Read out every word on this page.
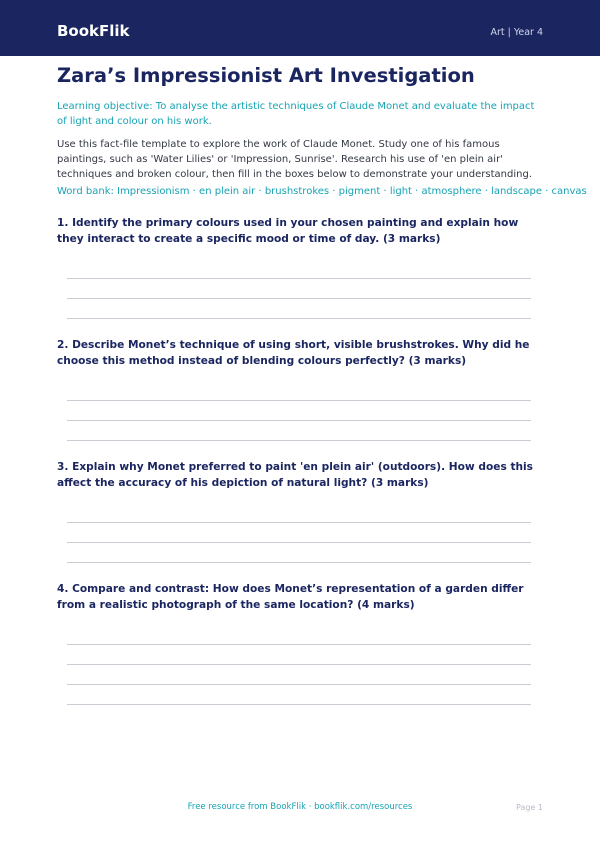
BookFlik	Art | Year 4
Zara’s Impressionist Art Investigation
Learning objective: To analyse the artistic techniques of Claude Monet and evaluate the impact of light and colour on his work.
Use this fact-file template to explore the work of Claude Monet. Study one of his famous paintings, such as 'Water Lilies' or 'Impression, Sunrise'. Research his use of 'en plein air' techniques and broken colour, then fill in the boxes below to demonstrate your understanding.
Word bank: Impressionism · en plein air · brushstrokes · pigment · light · atmosphere · landscape · canvas
1. Identify the primary colours used in your chosen painting and explain how they interact to create a specific mood or time of day. (3 marks)
2. Describe Monet’s technique of using short, visible brushstrokes. Why did he choose this method instead of blending colours perfectly? (3 marks)
3. Explain why Monet preferred to paint 'en plein air' (outdoors). How does this affect the accuracy of his depiction of natural light? (3 marks)
4. Compare and contrast: How does Monet’s representation of a garden differ from a realistic photograph of the same location? (4 marks)
Free resource from BookFlik · bookflik.com/resources	Page 1
